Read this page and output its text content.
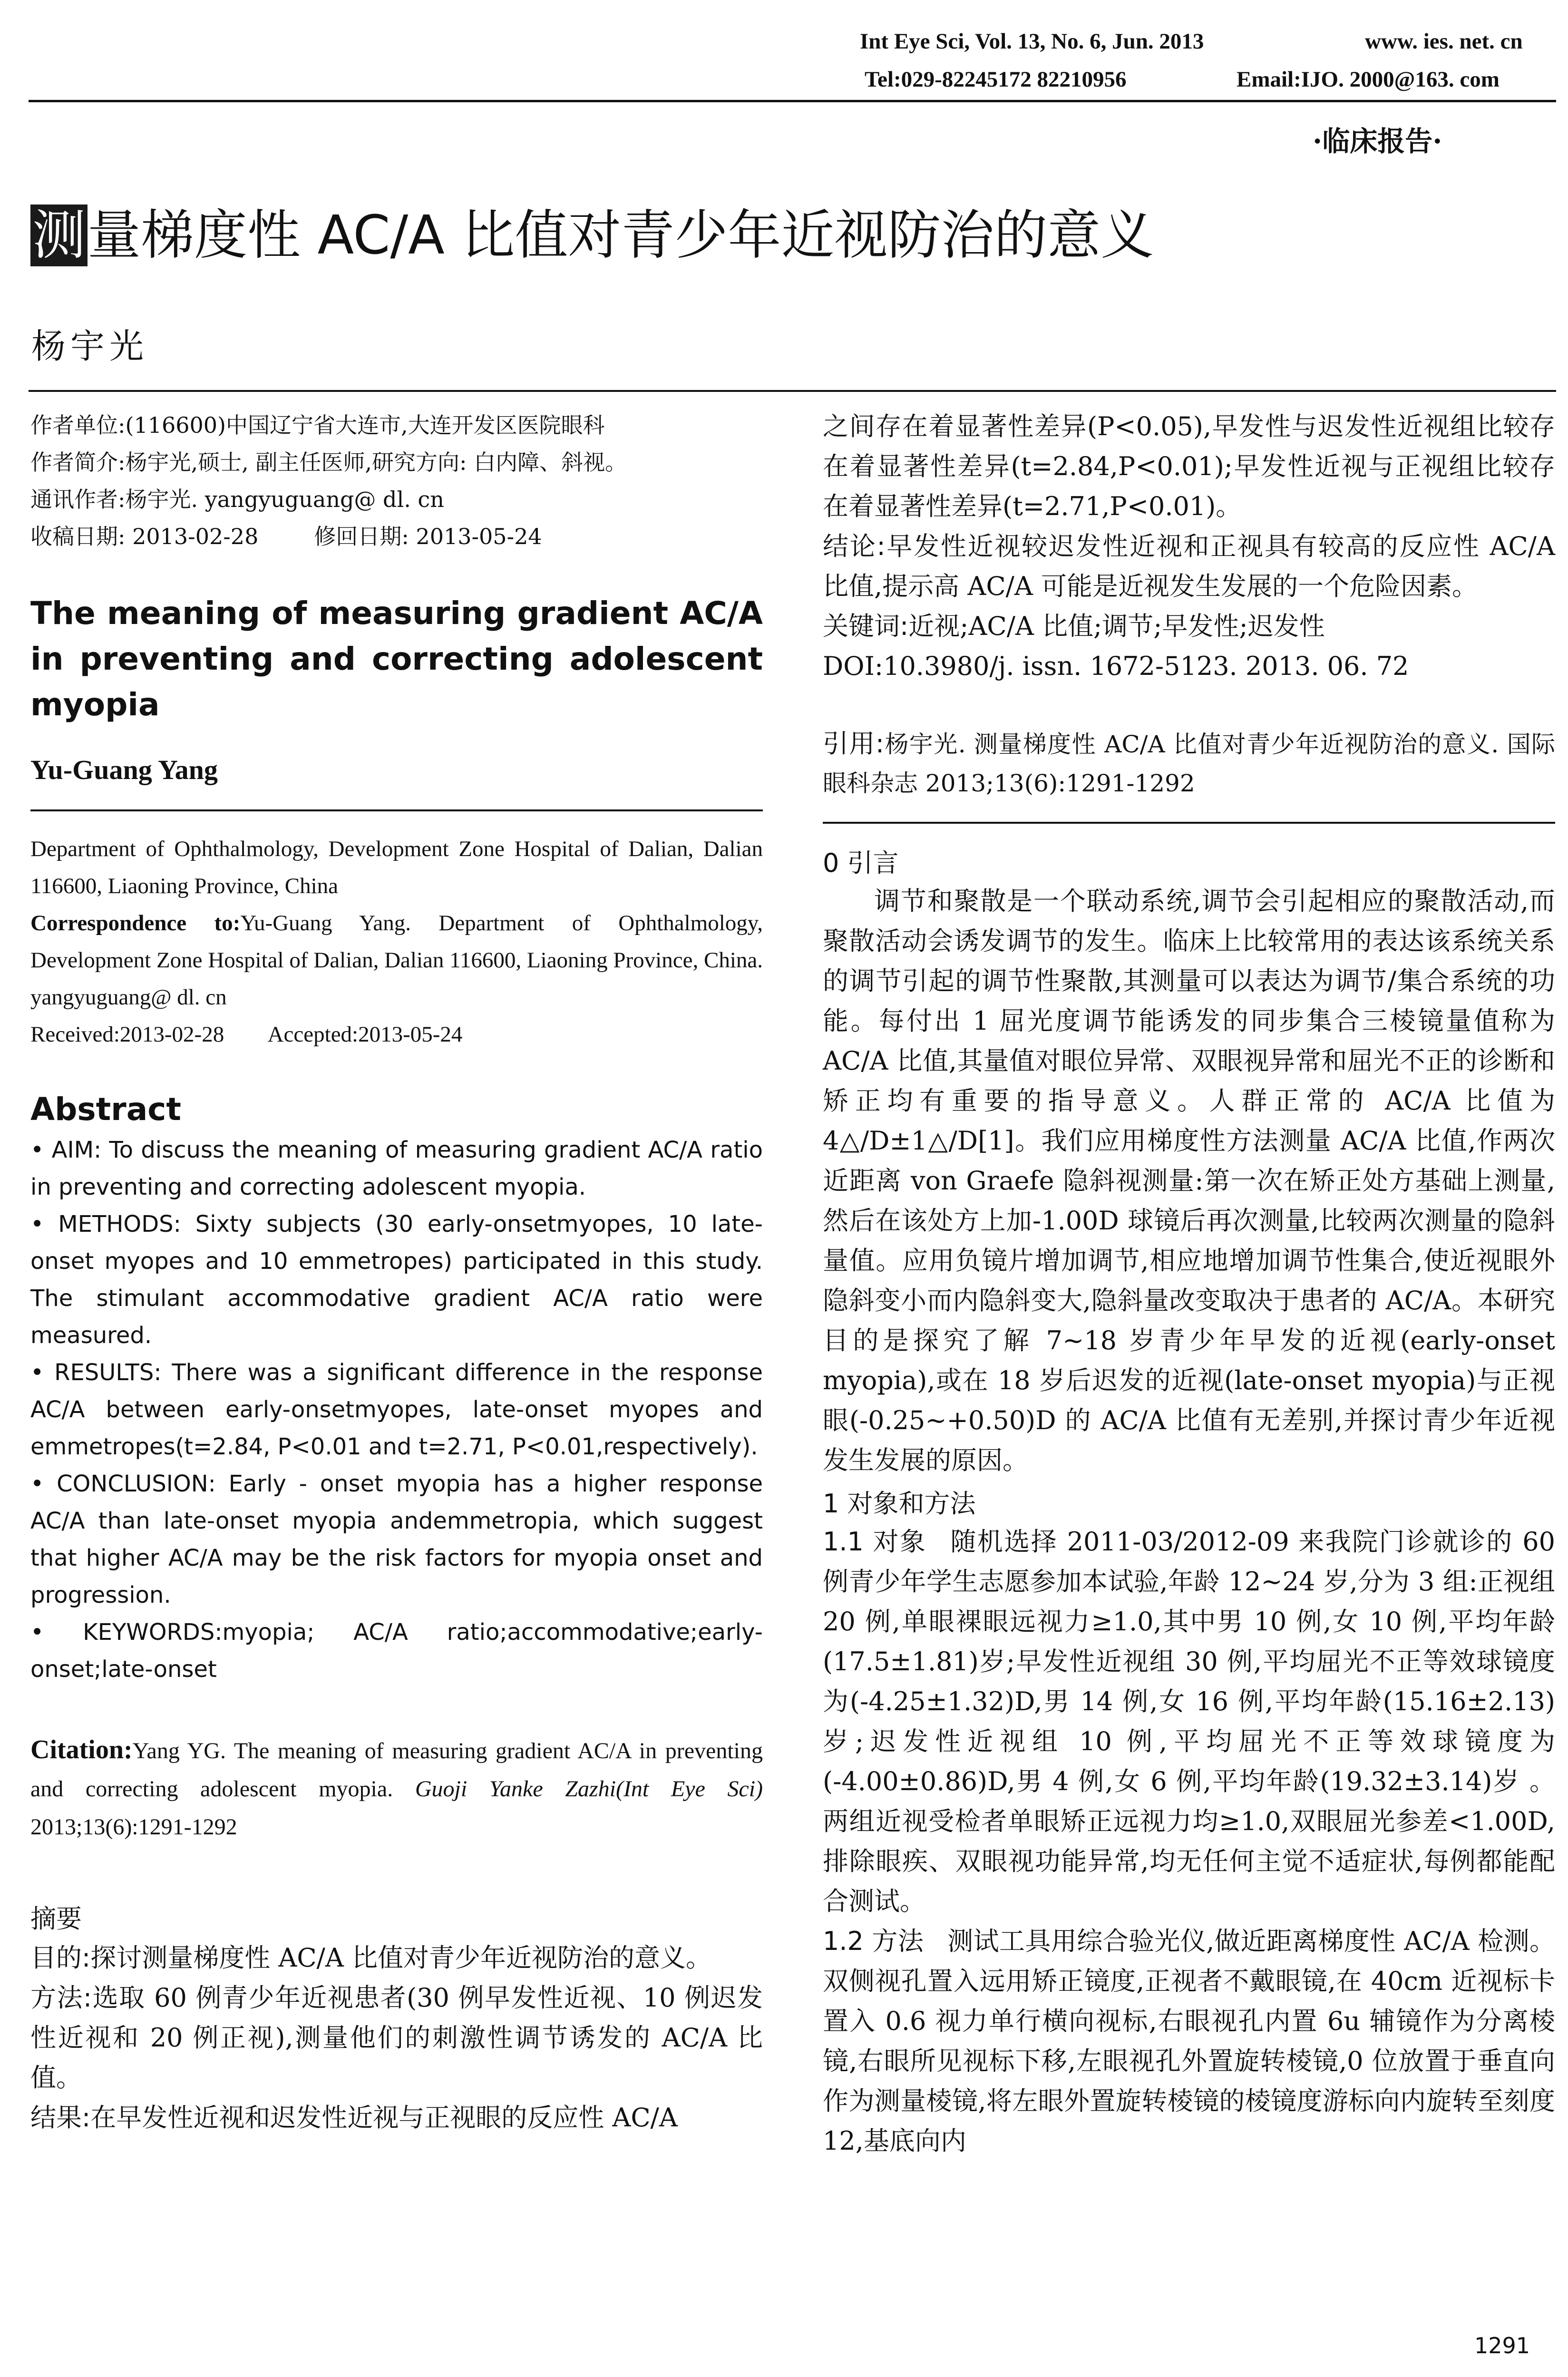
Int Eye Sci, Vol. 13, No. 6, Jun. 2013	www. ies. net. cn
Tel:029-82245172 82210956	Email:IJO. 2000@163. com
·临床报告·
测量梯度性 AC/A 比值对青少年近视防治的意义
杨宇光

作者单位:(116600)中国辽宁省大连市,大连开发区医院眼科

作者简介:杨宇光,硕士, 副主任医师,研究方向: 白内障、斜视。

通讯作者:杨宇光. yangyuguang@ dl. cn

收稿日期: 2013-02-28        修回日期: 2013-05-24

The meaning of measuring gradient AC/A in preventing and correcting adolescent myopia
Yu-Guang Yang

Department of Ophthalmology, Development Zone Hospital of Dalian, Dalian 116600, Liaoning Province, China

Correspondence to:Yu-Guang Yang. Department of Ophthalmology, Development Zone Hospital of Dalian, Dalian 116600, Liaoning Province, China. yangyuguang@ dl. cn

Received:2013-02-28        Accepted:2013-05-24

Abstract

• AIM: To discuss the meaning of measuring gradient AC/A ratio in preventing and correcting adolescent myopia.

• METHODS: Sixty subjects (30 early-onsetmyopes, 10 late-onset myopes and 10 emmetropes) participated in this study. The stimulant accommodative gradient AC/A ratio were measured.

• RESULTS: There was a significant difference in the response AC/A between early-onsetmyopes, late-onset myopes and emmetropes(t=2.84, P<0.01 and t=2.71, P<0.01,respectively).

• CONCLUSION: Early - onset myopia has a higher response AC/A than late-onset myopia andemmetropia, which suggest that higher AC/A may be the risk factors for myopia onset and progression.

• KEYWORDS:myopia; AC/A ratio;accommodative;early-onset;late-onset

Citation:Yang YG. The meaning of measuring gradient AC/A in preventing and correcting adolescent myopia. Guoji Yanke Zazhi(Int Eye Sci) 2013;13(6):1291-1292
摘要

目的:探讨测量梯度性 AC/A 比值对青少年近视防治的意义。

方法:选取 60 例青少年近视患者(30 例早发性近视、10 例迟发性近视和 20 例正视),测量他们的刺激性调节诱发的 AC/A 比值。

结果:在早发性近视和迟发性近视与正视眼的反应性 AC/A

之间存在着显著性差异(P<0.05),早发性与迟发性近视组比较存在着显著性差异(t=2.84,P<0.01);早发性近视与正视组比较存在着显著性差异(t=2.71,P<0.01)。

结论:早发性近视较迟发性近视和正视具有较高的反应性 AC/A 比值,提示高 AC/A 可能是近视发生发展的一个危险因素。

关键词:近视;AC/A 比值;调节;早发性;迟发性

DOI:10.3980/j. issn. 1672-5123. 2013. 06. 72

引用:杨宇光. 测量梯度性 AC/A 比值对青少年近视防治的意义. 国际眼科杂志 2013;13(6):1291-1292
0 引言

调节和聚散是一个联动系统,调节会引起相应的聚散活动,而聚散活动会诱发调节的发生。临床上比较常用的表达该系统关系的调节引起的调节性聚散,其测量可以表达为调节/集合系统的功能。每付出 1 屈光度调节能诱发的同步集合三棱镜量值称为 AC/A 比值,其量值对眼位异常、双眼视异常和屈光不正的诊断和矫正均有重要的指导意义。人群正常的 AC/A 比值为 4△/D±1△/D[1]。我们应用梯度性方法测量 AC/A 比值,作两次近距离 von Graefe 隐斜视测量:第一次在矫正处方基础上测量,然后在该处方上加-1.00D 球镜后再次测量,比较两次测量的隐斜量值。应用负镜片增加调节,相应地增加调节性集合,使近视眼外隐斜变小而内隐斜变大,隐斜量改变取决于患者的 AC/A。本研究目的是探究了解 7~18 岁青少年早发的近视(early-onset myopia),或在 18 岁后迟发的近视(late-onset myopia)与正视眼(-0.25~+0.50)D 的 AC/A 比值有无差别,并探讨青少年近视发生发展的原因。

1 对象和方法

1.1 对象 随机选择 2011-03/2012-09 来我院门诊就诊的 60 例青少年学生志愿参加本试验,年龄 12~24 岁,分为 3 组:正视组 20 例,单眼裸眼远视力≥1.0,其中男 10 例,女 10 例,平均年龄(17.5±1.81)岁;早发性近视组 30 例,平均屈光不正等效球镜度为(-4.25±1.32)D,男 14 例,女 16 例,平均年龄(15.16±2.13)岁;迟发性近视组 10 例,平均屈光不正等效球镜度为(-4.00±0.86)D,男 4 例,女 6 例,平均年龄(19.32±3.14)岁 。两组近视受检者单眼矫正远视力均≥1.0,双眼屈光参差<1.00D,排除眼疾、双眼视功能异常,均无任何主觉不适症状,每例都能配合测试。

1.2 方法 测试工具用综合验光仪,做近距离梯度性 AC/A 检测。双侧视孔置入远用矫正镜度,正视者不戴眼镜,在 40cm 近视标卡置入 0.6 视力单行横向视标,右眼视孔内置 6u 辅镜作为分离棱镜,右眼所见视标下移,左眼视孔外置旋转棱镜,0 位放置于垂直向作为测量棱镜,将左眼外置旋转棱镜的棱镜度游标向内旋转至刻度 12,基底向内

1291
